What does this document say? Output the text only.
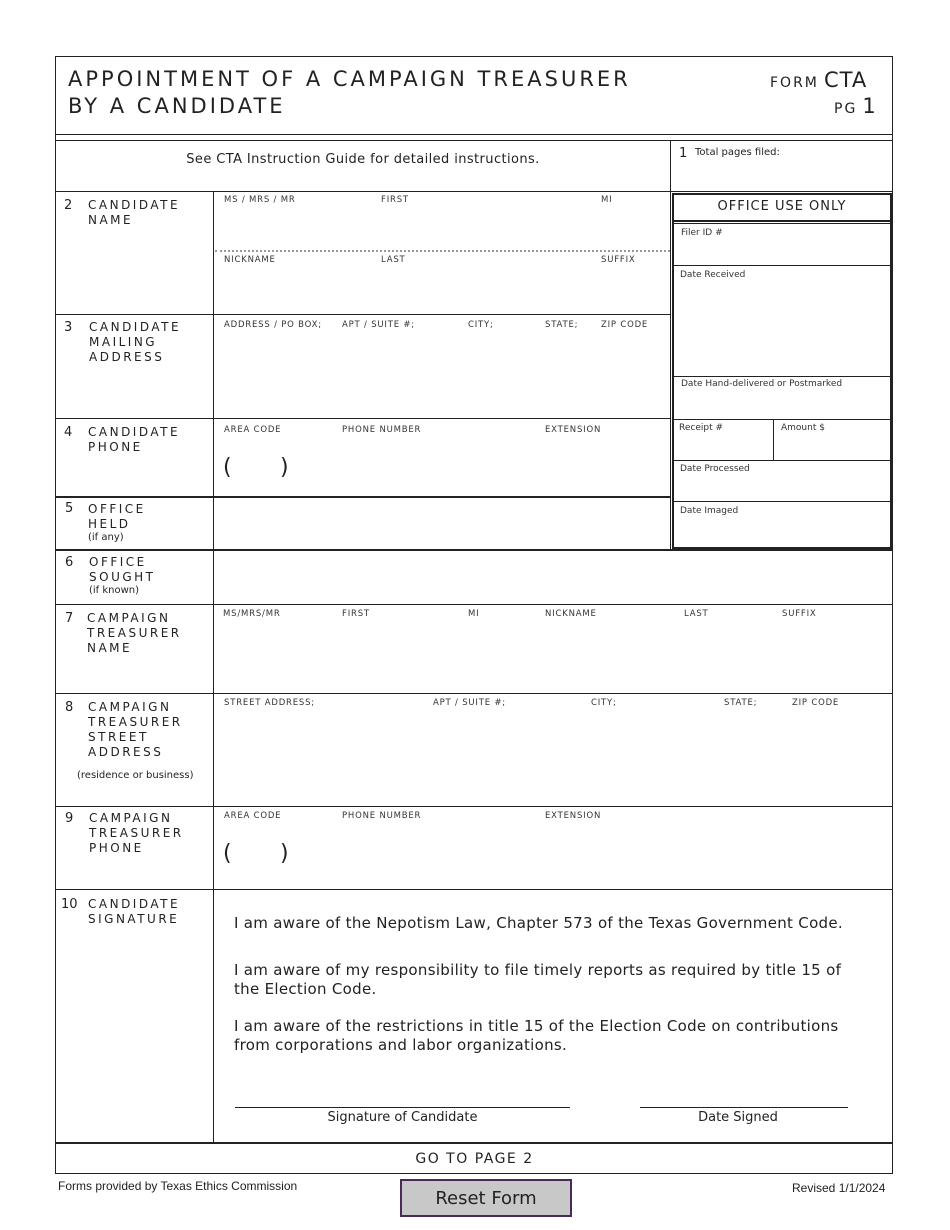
APPOINTMENT OF A CAMPAIGN TREASURER
BY A CANDIDATE
FORM CTA
PG 1
See CTA Instruction Guide for detailed instructions.	1 Total pages filed:
OFFICE USE ONLY
Filer ID #
Date Received
Date Hand-delivered or Postmarked
Receipt #	Amount $
Date Processed
Date Imaged
2 CANDIDATE
NAME
MS / MRS / MR	FIRST	MI
NICKNAME	LAST	SUFFIX
3 CANDIDATE
MAILING
ADDRESS
ADDRESS / PO BOX; APT / SUITE #;	CITY;	STATE;	ZIP CODE
4 CANDIDATE
PHONE
AREA CODE	PHONE NUMBER	EXTENSION
( )
5 OFFICE
HELD
(if any)
6 OFFICE
SOUGHT
(if known)
7 CAMPAIGN
TREASURER
NAME
MS/MRS/MR	FIRST	MI	NICKNAME	LAST	SUFFIX
8 CAMPAIGN
TREASURER
STREET
ADDRESS
(residence or business)
STREET ADDRESS;	APT / SUITE #;	CITY;	STATE;	ZIP CODE
9 CAMPAIGN
TREASURER
PHONE
AREA CODE	PHONE NUMBER	EXTENSION
( )
10 CANDIDATE
SIGNATURE	I am aware of the Nepotism Law, Chapter 573 of the Texas Government Code.
I am aware of my responsibility to file timely reports as required by title 15 of
the Election Code.
I am aware of the restrictions in title 15 of the Election Code on contributions
from corporations and labor organizations.
Signature of Candidate	Date Signed
GO TO PAGE 2
Forms provided by Texas Ethics Commission	Revised 1/1/2024
Reset Form
